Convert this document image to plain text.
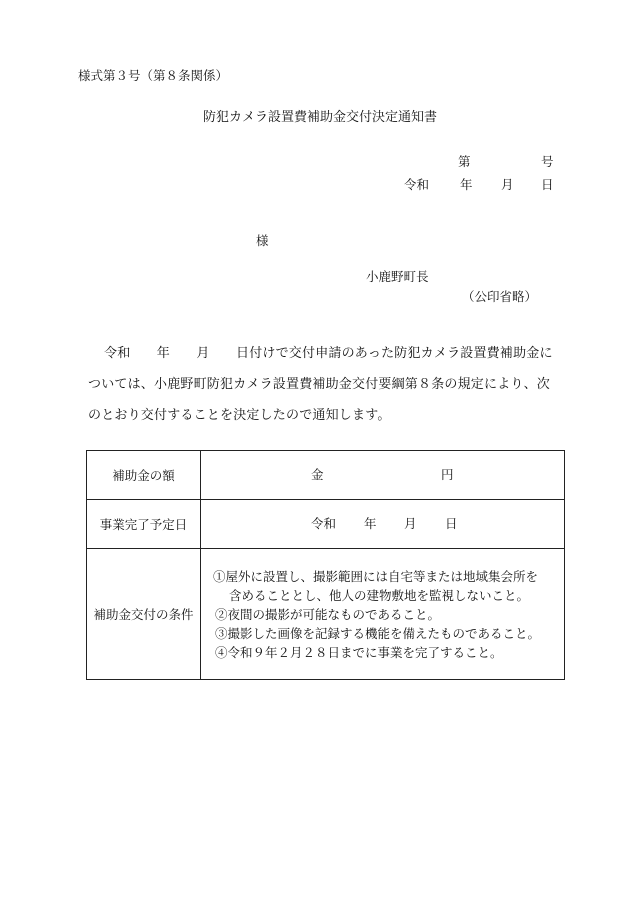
様式第３号（第８条関係）
防犯カメラ設置費補助金交付決定通知書
第	号
令和 年 月 日
様
小鹿野町長
（公印省略）
令和　　年　　月　　日付けで交付申請のあった防犯カメラ設置費補助金に
ついては、小鹿野町防犯カメラ設置費補助金交付要綱第８条の規定により、次
のとおり交付することを決定したので通知します。
補助金の額	金 円

事業完了予定日	令和 年 月 日

補助金交付の条件	①屋外に設置し、撮影範囲には自宅等または地域集会所を
含めることとし、他人の建物敷地を監視しないこと。
②夜間の撮影が可能なものであること。
③撮影した画像を記録する機能を備えたものであること。
④令和９年２月２８日までに事業を完了すること。
